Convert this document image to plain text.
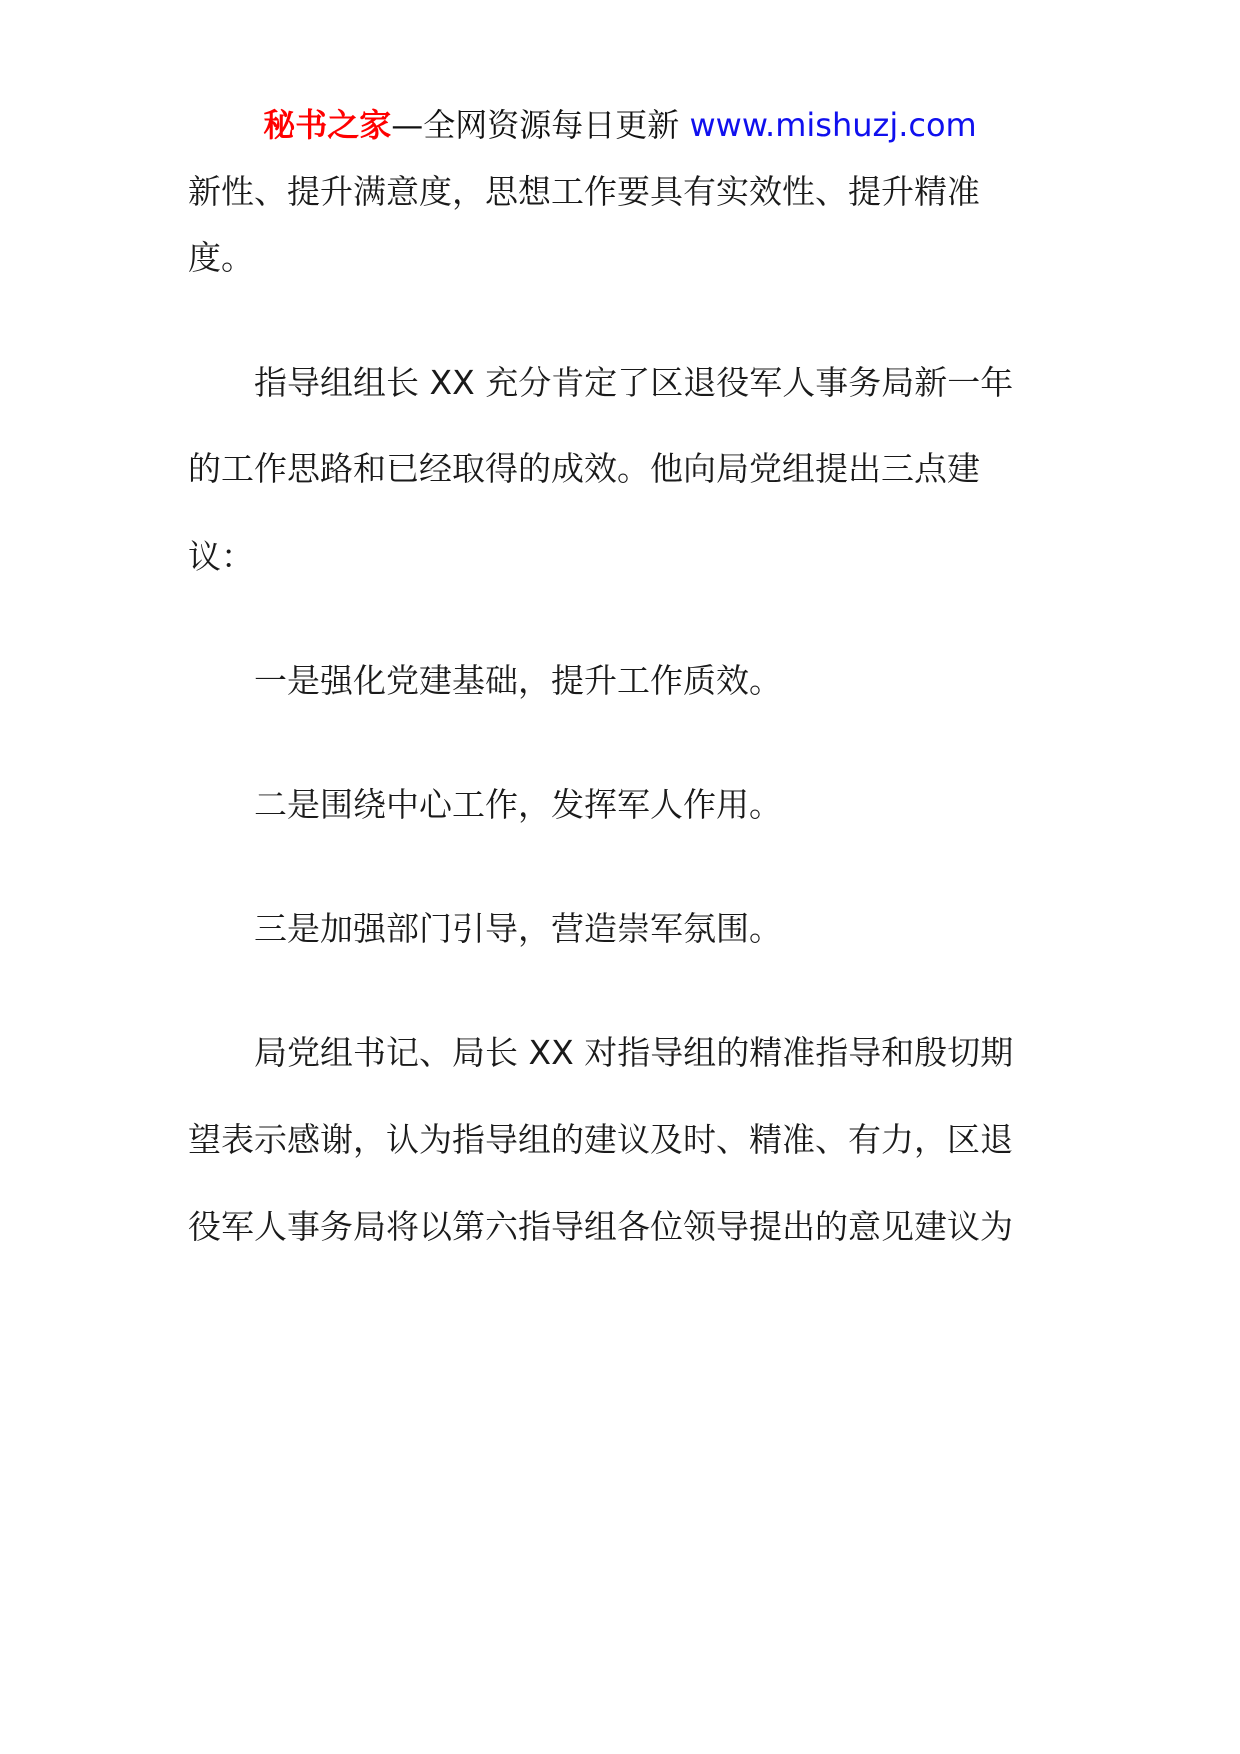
秘书之家—全网资源每日更新 www.mishuzj.com
新性、提升满意度，思想工作要具有实效性、提升精准
度。
指导组组长 XX 充分肯定了区退役军人事务局新一年
的工作思路和已经取得的成效。他向局党组提出三点建
议：
一是强化党建基础，提升工作质效。
二是围绕中心工作，发挥军人作用。
三是加强部门引导，营造崇军氛围。
局党组书记、局长 XX 对指导组的精准指导和殷切期
望表示感谢，认为指导组的建议及时、精准、有力，区退
役军人事务局将以第六指导组各位领导提出的意见建议为
